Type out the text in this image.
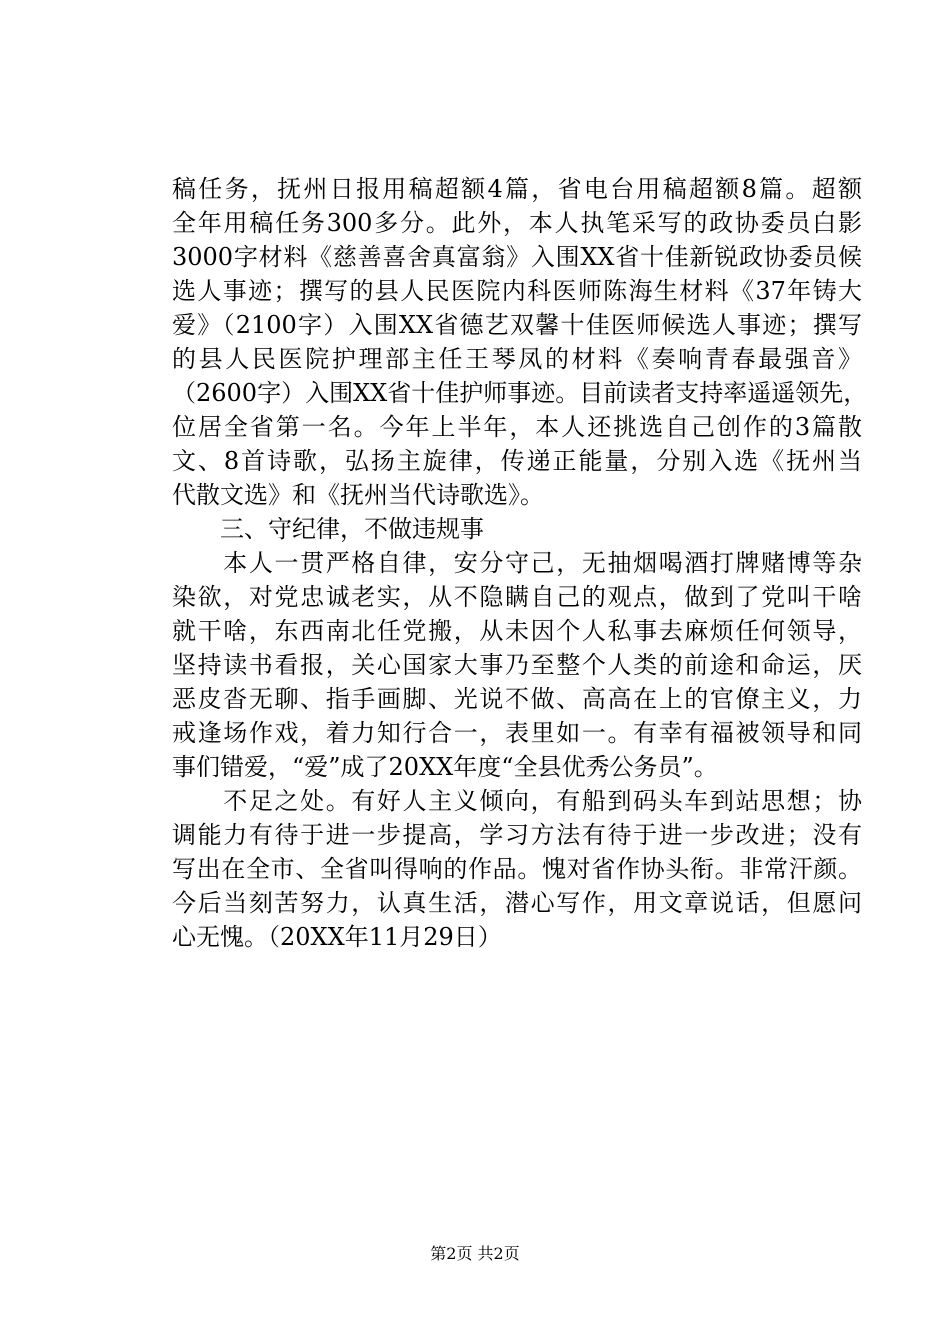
稿任务，抚州日报用稿超额4篇，省电台用稿超额8篇。超额
全年用稿任务300多分。此外，本人执笔采写的政协委员白影
3000字材料《慈善喜舍真富翁》入围XX省十佳新锐政协委员候
选人事迹；撰写的县人民医院内科医师陈海生材料《37年铸大
爱》（2100字）入围XX省德艺双馨十佳医师候选人事迹；撰写
的县人民医院护理部主任王琴凤的材料《奏响青春最强音》
（2600字）入围XX省十佳护师事迹。目前读者支持率遥遥领先，
位居全省第一名。今年上半年，本人还挑选自己创作的3篇散
文、8首诗歌，弘扬主旋律，传递正能量，分别入选《抚州当
代散文选》和《抚州当代诗歌选》。
　　三、守纪律，不做违规事
　　本人一贯严格自律，安分守己，无抽烟喝酒打牌赌博等杂
染欲，对党忠诚老实，从不隐瞒自己的观点，做到了党叫干啥
就干啥，东西南北任党搬，从未因个人私事去麻烦任何领导，
坚持读书看报，关心国家大事乃至整个人类的前途和命运，厌
恶皮沓无聊、指手画脚、光说不做、高高在上的官僚主义，力
戒逢场作戏，着力知行合一，表里如一。有幸有福被领导和同
事们错爱，“爱”成了20XX年度“全县优秀公务员”。
　　不足之处。有好人主义倾向，有船到码头车到站思想；协
调能力有待于进一步提高，学习方法有待于进一步改进；没有
写出在全市、全省叫得响的作品。愧对省作协头衔。非常汗颜。
今后当刻苦努力，认真生活，潜心写作，用文章说话，但愿问
心无愧。（20XX年11月29日）
第2页 共2页
